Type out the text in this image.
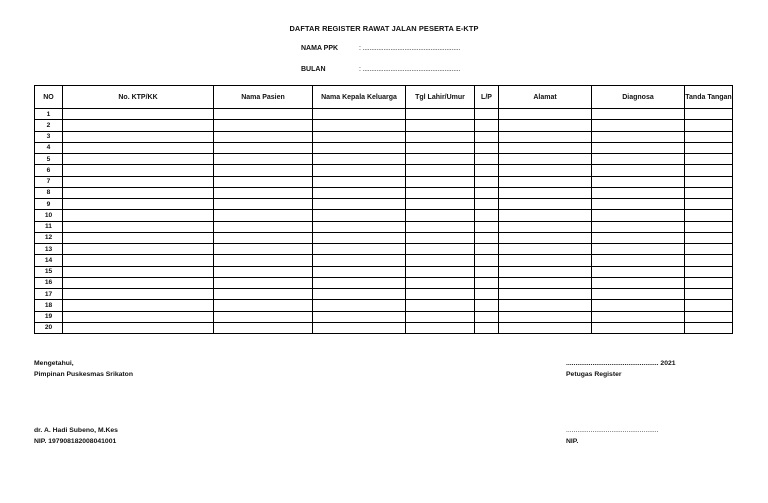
DAFTAR REGISTER RAWAT JALAN PESERTA E-KTP
NAMA PPK	: ........................................................
BULAN	: ........................................................
NO	No. KTP/KK	Nama Pasien	Nama Kepala Keluarga	Tgl Lahir/Umur	L/P	Alamat	Diagnosa	Tanda Tangan
1								
2								
3								
4								
5								
6								
7								
8								
9								
10								
11								
12								
13								
14								
15								
16								
17								
18								
19								
20								
Mengetahui,
Pimpinan Puskesmas Srikaton
dr. A. Hadi Subeno, M.Kes
NIP. 197908182008041001
................................................. 2021
Petugas Register
.................................................
NIP.
